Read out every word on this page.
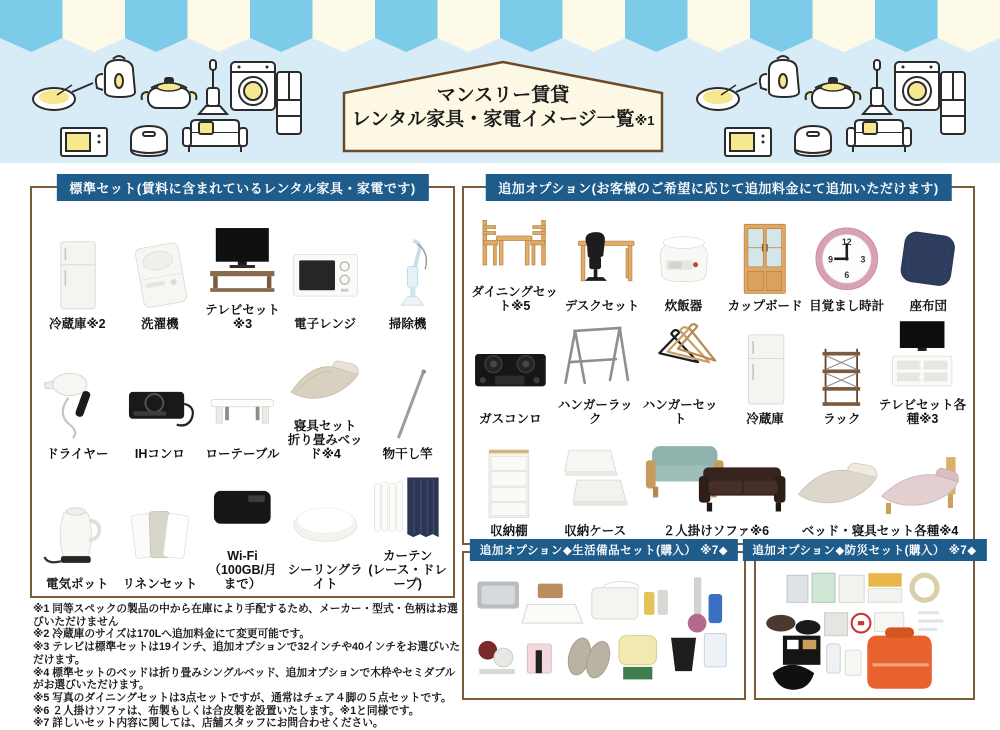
マンスリー賃貸
レンタル家具・家電イメージ一覧※1
標準セット(賃料に含まれているレンタル家具・家電です)
冷蔵庫※2	洗濯機
テレビセット※3	電子レンジ	掃除機
ドライヤー IHコンロ ローテーブル
寝具セット
折り畳みベッド※4	物干し竿
電気ポット リネンセット
Wi-Fi
（100GB/月まで）
シーリングライト
カーテン
(レース・ドレープ)
追加オプション(お客様のご希望に応じて追加料金にて追加いただけます)
ダイニングセット※5	デスクセット 炊飯器 カップボード
12
3
6
9
目覚まし時計 座布団
ガスコンロ
ハンガーラック
ハンガーセット	冷蔵庫	ラック
テレビセット各種※3
収納棚	収納ケース	２人掛けソファ※6	ベッド・寝具セット各種※4
※1 同等スペックの製品の中から在庫により手配するため、メーカー・型式・色柄はお選びいただけません
※2 冷蔵庫のサイズは170Lへ追加料金にて変更可能です。
※3 テレビは標準セットは19インチ、追加オプションで32インチや40インチをお選びいただけます。
※4 標準セットのベッドは折り畳みシングルベッド、追加オプションで木枠やセミダブルがお選びいただけます。
※5 写真のダイニングセットは3点セットですが、通常はチェア４脚の５点セットです。
※6 ２人掛けソファは、布製もしくは合皮製を設置いたします。※1と同様です。
※7 詳しいセット内容に関しては、店舗スタッフにお問合わせください。
追加オプション◆生活備品セット(購入） ※7◆	追加オプション◆防災セット(購入） ※7◆
